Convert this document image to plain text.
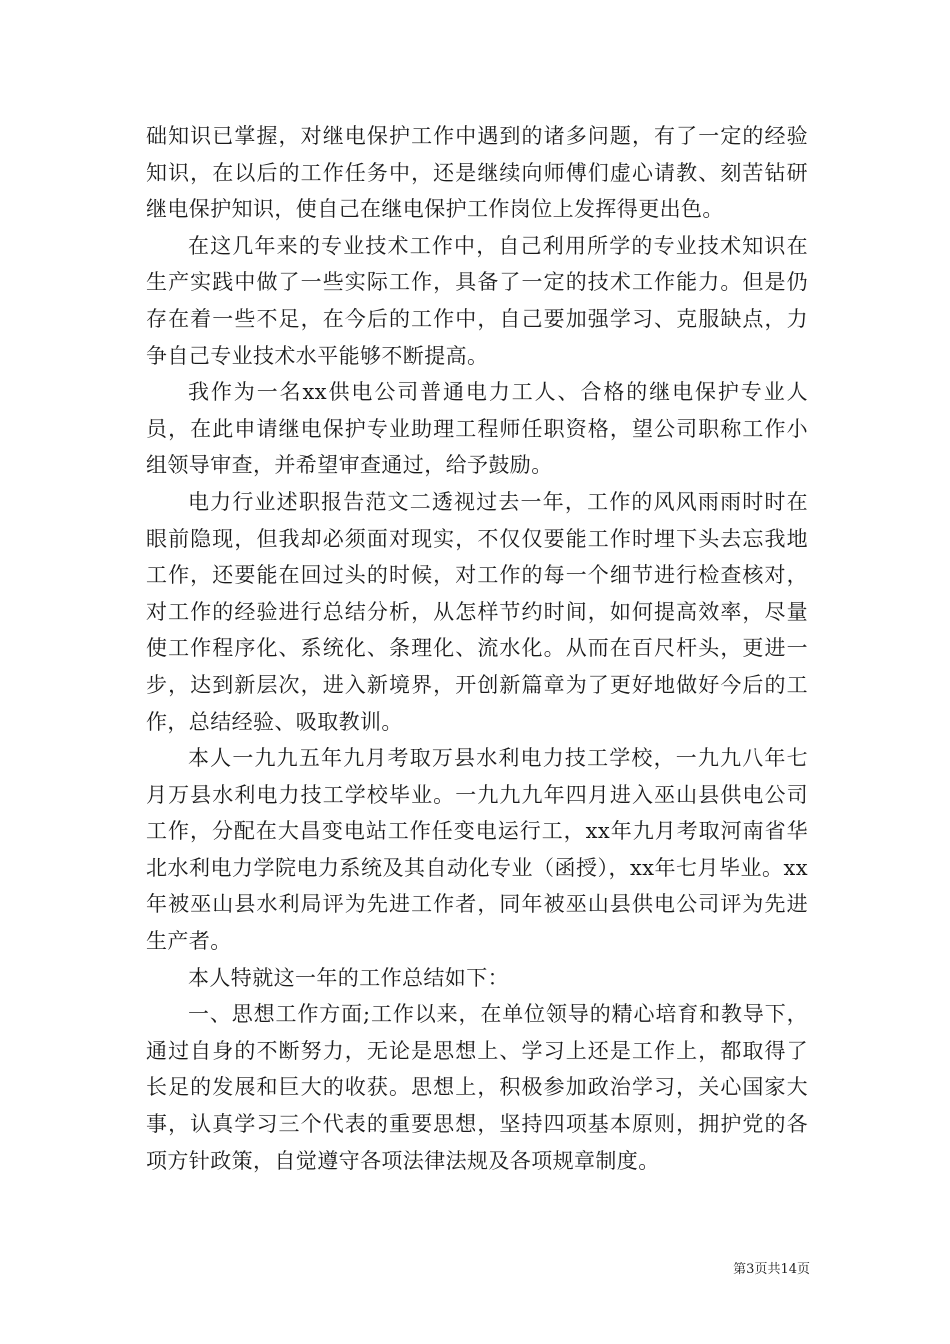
础知识已掌握，对继电保护工作中遇到的诸多问题，有了一定的经验知识，在以后的工作任务中，还是继续向师傅们虚心请教、刻苦钻研继电保护知识，使自己在继电保护工作岗位上发挥得更出色。

在这几年来的专业技术工作中，自己利用所学的专业技术知识在生产实践中做了一些实际工作，具备了一定的技术工作能力。但是仍存在着一些不足，在今后的工作中，自己要加强学习、克服缺点，力争自己专业技术水平能够不断提高。

我作为一名xx供电公司普通电力工人、合格的继电保护专业人员，在此申请继电保护专业助理工程师任职资格，望公司职称工作小组领导审查，并希望审查通过，给予鼓励。

电力行业述职报告范文二透视过去一年，工作的风风雨雨时时在眼前隐现，但我却必须面对现实，不仅仅要能工作时埋下头去忘我地工作，还要能在回过头的时候，对工作的每一个细节进行检查核对，对工作的经验进行总结分析，从怎样节约时间，如何提高效率，尽量使工作程序化、系统化、条理化、流水化。从而在百尺杆头，更进一步，达到新层次，进入新境界，开创新篇章为了更好地做好今后的工作，总结经验、吸取教训。

本人一九九五年九月考取万县水利电力技工学校，一九九八年七月万县水利电力技工学校毕业。一九九九年四月进入巫山县供电公司工作，分配在大昌变电站工作任变电运行工，xx年九月考取河南省华北水利电力学院电力系统及其自动化专业（函授），xx年七月毕业。xx年被巫山县水利局评为先进工作者，同年被巫山县供电公司评为先进生产者。

本人特就这一年的工作总结如下：

一、思想工作方面;工作以来，在单位领导的精心培育和教导下，通过自身的不断努力，无论是思想上、学习上还是工作上，都取得了长足的发展和巨大的收获。思想上，积极参加政治学习，关心国家大事，认真学习三个代表的重要思想，坚持四项基本原则，拥护党的各项方针政策，自觉遵守各项法律法规及各项规章制度。

第3页共14页
